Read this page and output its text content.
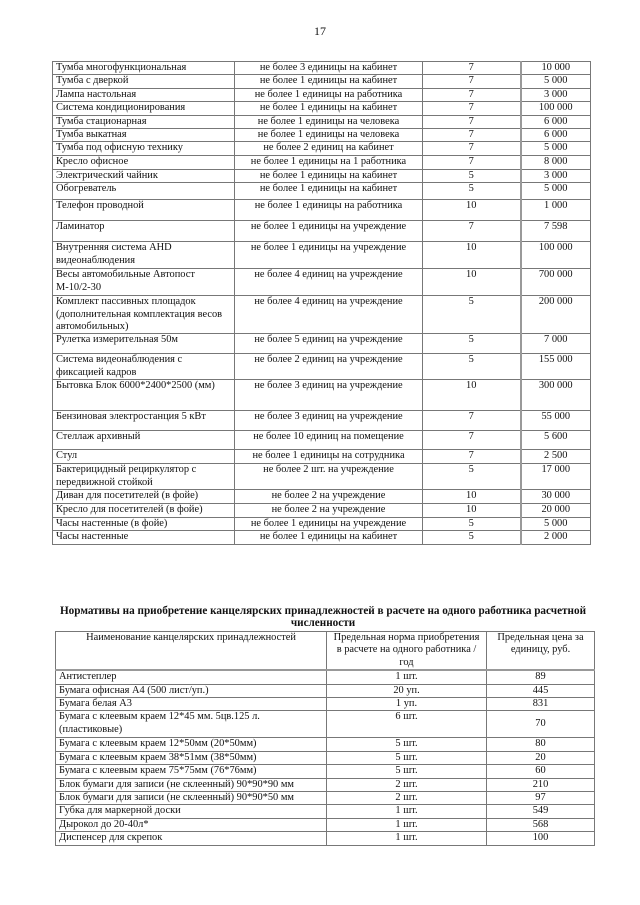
17
Тумба многофункциональная	не более 3 единицы на кабинет	7	10 000
Тумба с дверкой	не более 1 единицы на кабинет	7	5 000
Лампа настольная	не более 1 единицы на работника	7	3 000
Система кондиционирования	не более 1 единицы на кабинет	7	100 000
Тумба стационарная	не более 1 единицы на человека	7	6 000
Тумба выкатная	не более 1 единицы на человека	7	6 000
Тумба под офисную технику	не более 2 единиц на кабинет	7	5 000
Кресло офисное	не более 1 единицы на 1 работника	7	8 000
Электрический чайник	не более 1 единицы на кабинет	5	3 000
Обогреватель	не более 1 единицы на кабинет	5	5 000
Телефон проводной	не более 1 единицы на работника	10	1 000
Ламинатор	не более 1 единицы на учреждение	7	7 598
Внутренняя система AHD видеонаблюдения	не более 1 единицы на учреждение	10	100 000
Весы автомобильные Автопост М-10/2-30	не более 4 единиц на учреждение	10	700 000
Комплект пассивных площадок (дополнительная комплектация весов автомобильных)	не более 4 единиц на учреждение	5	200 000
Рулетка измерительная 50м	не более 5 единиц на учреждение	5	7 000
Система видеонаблюдения с фиксацией кадров	не более 2 единиц на учреждение	5	155 000
Бытовка Блок 6000*2400*2500 (мм)	не более 3 единиц на учреждение	10	300 000
Бензиновая электростанция 5 кВт	не более 3 единиц на учреждение	7	55 000
Стеллаж архивный	не более 10 единиц на помещение	7	5 600
Стул	не более 1 единицы на сотрудника	7	2 500
Бактерицидный рециркулятор с передвижной стойкой	не более 2 шт. на учреждение	5	17 000
Диван для посетителей (в фойе)	не более 2 на учреждение	10	30 000
Кресло для посетителей (в фойе)	не более 2 на учреждение	10	20 000
Часы настенные (в фойе)	не более 1 единицы на учреждение	5	5 000
Часы настенные	не более 1 единицы на кабинет	5	2 000
Нормативы на приобретение канцелярских принадлежностей в расчете на одного работника расчетной численности
Наименование канцелярских принадлежностей	Предельная норма приобретения в расчете на одного работника / год	Предельная цена за единицу, руб.
Антистеплер	1 шт.	89
Бумага офисная А4 (500 лист/уп.)	20 уп.	445
Бумага белая А3	1 уп.	831
Бумага с клеевым краем 12*45 мм. 5цв.125 л. (пластиковые)	6 шт.	70
Бумага с клеевым краем 12*50мм (20*50мм)	5 шт.	80
Бумага с клеевым краем 38*51мм (38*50мм)	5 шт.	20
Бумага с клеевым краем 75*75мм (76*76мм)	5 шт.	60
Блок бумаги для записи (не склеенный) 90*90*90 мм	2 шт.	210
Блок бумаги для записи (не склеенный) 90*90*50 мм	2 шт.	97
Губка для маркерной доски	1 шт.	549
Дырокол до 20-40л*	1 шт.	568
Диспенсер для скрепок	1 шт.	100
